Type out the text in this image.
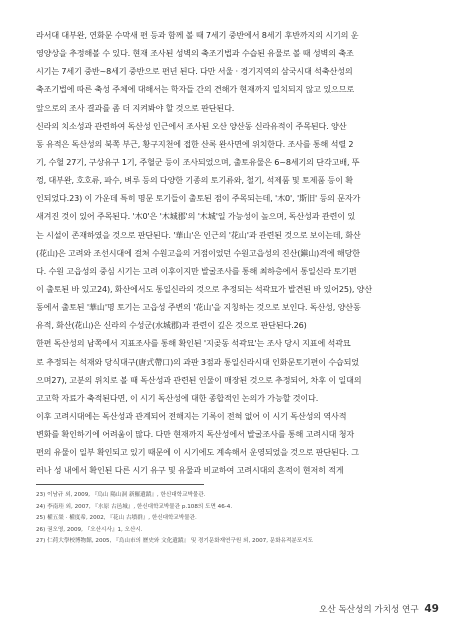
라서대 대부완, 연화문 수막새 편 등과 함께 볼 때 7세기 중반에서 8세기 후반까지의 시기의 운
영양상을 추정해볼 수 있다. 현재 조사된 성벽의 축조기법과 수습된 유물로 볼 때 성벽의 축조
시기는 7세기 중반~8세기 중반으로 편년 된다. 다만 서울 · 경기지역의 삼국시대 석축산성의
축조기법에 따른 축성 주체에 대해서는 학자들 간의 견해가 현재까지 일치되지 않고 있으므로
앞으로의 조사 결과를 좀 더 지켜봐야 할 것으로 판단된다.
신라의 치소성과 관련하여 독산성 인근에서 조사된 오산 양산동 신라유적이 주목된다. 양산
동 유적은 독산성의 북쪽 부근, 황구지천에 접한 산록 완사면에 위치한다. 조사를 통해 석렬 2
기, 수혈 27기, 구상유구 1기, 주혈군 등이 조사되었으며, 출토유물은 6~8세기의 단각고배, 뚜
껑, 대부완, 호호류, 파수, 벼루 등의 다양한 기종의 토기류와, 철기, 석제품 및 토제품 등이 확
인되었다.23) 이 가운데 특히 명문 토기들이 출토된 점이 주목되는데, '木0', '斯旧' 등의 문자가
새겨진 것이 있어 주목된다. '木0'은 '木城郡'의 '木城'일 가능성이 높으며, 독산성과 관련이 있
는 시설이 존재하였을 것으로 판단된다. '華山'은 인근의 '花山'과 관련된 것으로 보이는데, 화산
(花山)은 고려와 조선시대에 걸쳐 수원고을의 거점이었던 수원고읍성의 진산(鎭山)격에 해당한
다. 수원 고읍성의 중심 시기는 고려 이후이지만 발굴조사를 통해 최하층에서 통일신라 토기편
이 출토된 바 있고24), 화산에서도 통일신라의 것으로 추정되는 석곽묘가 발견된 바 있어25), 양산
동에서 출토된 '華山'명 토기는 고읍성 주변의 '花山'을 지칭하는 것으로 보인다. 독산성, 양산동
유적, 화산(花山)은 신라의 수성군(水城郡)과 관련이 깊은 것으로 판단된다.26)
한편 독산성의 남쪽에서 지표조사를 통해 확인된 '지곶동 석곽묘'는 조사 당시 지표에 석곽묘
로 추정되는 석재와 당식대구(唐式帶口)의 과판 3점과 통일신라시대 인화문토기편이 수습되었
으며27), 고분의 위치로 볼 때 독산성과 관련된 인물이 매장된 것으로 추정되어, 차후 이 일대의
고고학 자료가 축적된다면, 이 시기 독산성에 대한 종합적인 논의가 가능할 것이다.
이후 고려시대에는 독산성과 관계되어 전해지는 기록이 전혀 없어 이 시기 독산성의 역사적
변화를 확인하기에 어려움이 많다. 다만 현재까지 독산성에서 발굴조사를 통해 고려시대 청자
편의 유물이 일부 확인되고 있기 때문에 이 시기에도 계속해서 운영되었을 것으로 판단된다. 그
러나 성 내에서 확인된 다른 시기 유구 및 유물과 비교하여 고려시대의 흔적이 현저히 적게
23) 이남규 외, 2009, 『烏山 陽山洞 新羅遺蹟』, 한신대학교박물관.
24) 李南珪 외, 2007, 『水原 古邑城』, 한신대학교박물관 p.108의 도면 46-4.
25) 權五榮 · 權度希, 2002, 『花山 古墳群』, 한신대학교박물관.
26) 권오영, 2009, 『오산시사』1, 오산시.
27) 仁荷大學校博物館, 2005, 『烏山市의 歷史와 文化遺蹟』 및 경기문화재연구원 외, 2007, 문화유적분포지도
오산 독산성의 가치성 연구 49
